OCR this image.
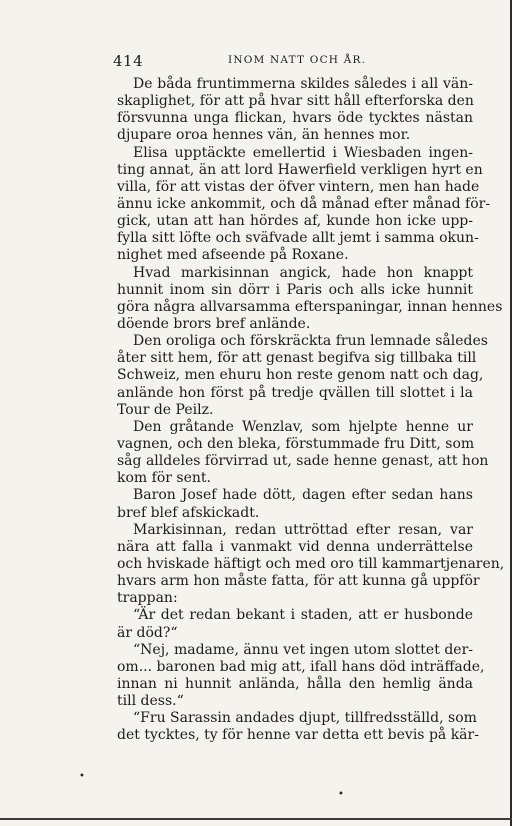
414	INOM NATT OCH ÅR.
De båda fruntimmerna skildes således i all vän-
skaplighet, för att på hvar sitt håll efterforska den
försvunna unga flickan, hvars öde tycktes nästan
djupare oroa hennes vän, än hennes mor.
Elisa upptäckte emellertid i Wiesbaden ingen-
ting annat, än att lord Hawerfield verkligen hyrt en
villa, för att vistas der öfver vintern, men han hade
ännu icke ankommit, och då månad efter månad för-
gick, utan att han hördes af, kunde hon icke upp-
fylla sitt löfte och sväfvade allt jemt i samma okun-
nighet med afseende på Roxane.
Hvad markisinnan angick, hade hon knappt
hunnit inom sin dörr i Paris och alls icke hunnit
göra några allvarsamma efterspaningar, innan hennes
döende brors bref anlände.
Den oroliga och förskräckta frun lemnade således
åter sitt hem, för att genast begifva sig tillbaka till
Schweiz, men ehuru hon reste genom natt och dag,
anlände hon först på tredje qvällen till slottet i la
Tour de Peilz.
Den gråtande Wenzlav, som hjelpte henne ur
vagnen, och den bleka, förstummade fru Ditt, som
såg alldeles förvirrad ut, sade henne genast, att hon
kom för sent.
Baron Josef hade dött, dagen efter sedan hans
bref blef afskickadt.
Markisinnan, redan uttröttad efter resan, var
nära att falla i vanmakt vid denna underrättelse
och hviskade häftigt och med oro till kammartjenaren,
hvars arm hon måste fatta, för att kunna gå uppför
trappan:
“Är det redan bekant i staden, att er husbonde
är död?“
“Nej, madame, ännu vet ingen utom slottet der-
om... baronen bad mig att, ifall hans död inträffade,
innan ni hunnit anlända, hålla den hemlig ända
till dess.“
“Fru Sarassin andades djupt, tillfredsställd, som
det tycktes, ty för henne var detta ett bevis på kär-
•
•
